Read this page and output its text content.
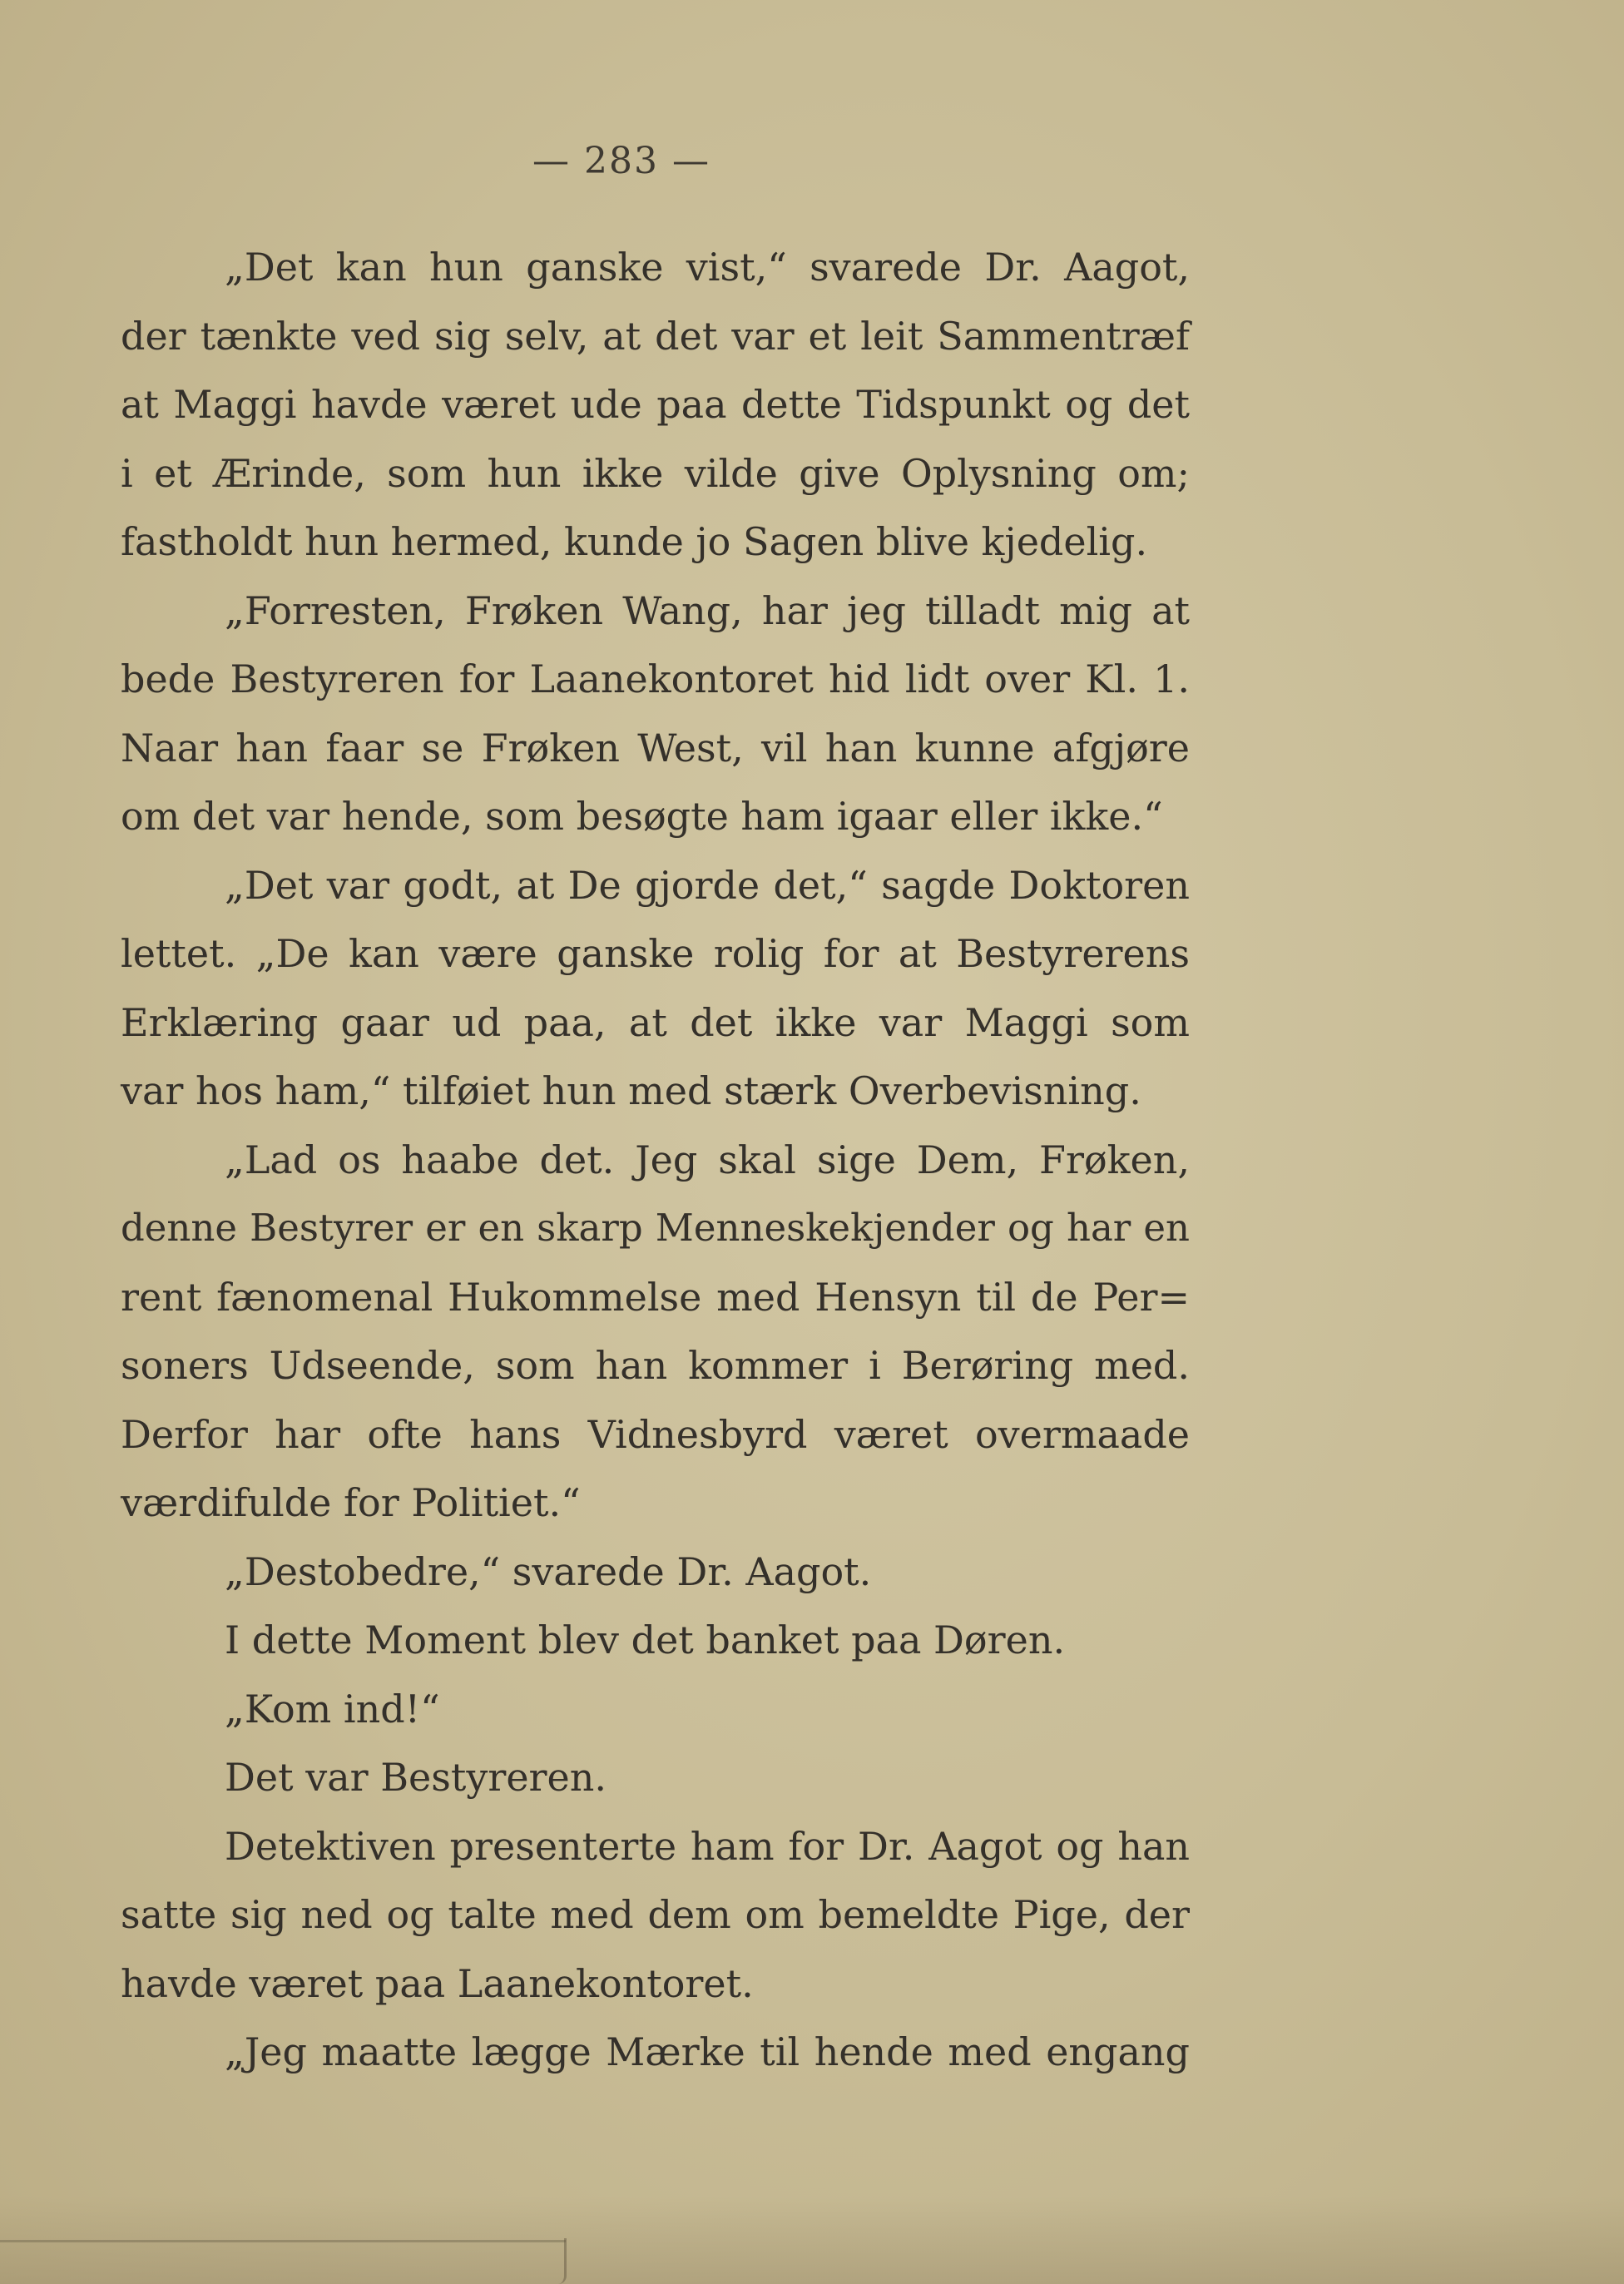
— 283 —
„Det kan hun ganske vist,“ svarede Dr. Aagot,
der tænkte ved sig selv, at det var et leit Sammentræf
at Maggi havde været ude paa dette Tidspunkt og det
i et Ærinde, som hun ikke vilde give Oplysning om;
fastholdt hun hermed, kunde jo Sagen blive kjedelig.
„Forresten, Frøken Wang, har jeg tilladt mig at
bede Bestyreren for Laanekontoret hid lidt over Kl. 1.
Naar han faar se Frøken West, vil han kunne afgjøre
om det var hende, som besøgte ham igaar eller ikke.“
„Det var godt, at De gjorde det,“ sagde Doktoren
lettet. „De kan være ganske rolig for at Bestyrerens
Erklæring gaar ud paa, at det ikke var Maggi som
var hos ham,“ tilføiet hun med stærk Overbevisning.
„Lad os haabe det. Jeg skal sige Dem, Frøken,
denne Bestyrer er en skarp Menneskekjender og har en
rent fænomenal Hukommelse med Hensyn til de Per=
soners Udseende, som han kommer i Berøring med.
Derfor har ofte hans Vidnesbyrd været overmaade
værdifulde for Politiet.“
„Destobedre,“ svarede Dr. Aagot.
I dette Moment blev det banket paa Døren.
„Kom ind!“
Det var Bestyreren.
Detektiven presenterte ham for Dr. Aagot og han
satte sig ned og talte med dem om bemeldte Pige, der
havde været paa Laanekontoret.
„Jeg maatte lægge Mærke til hende med engang
